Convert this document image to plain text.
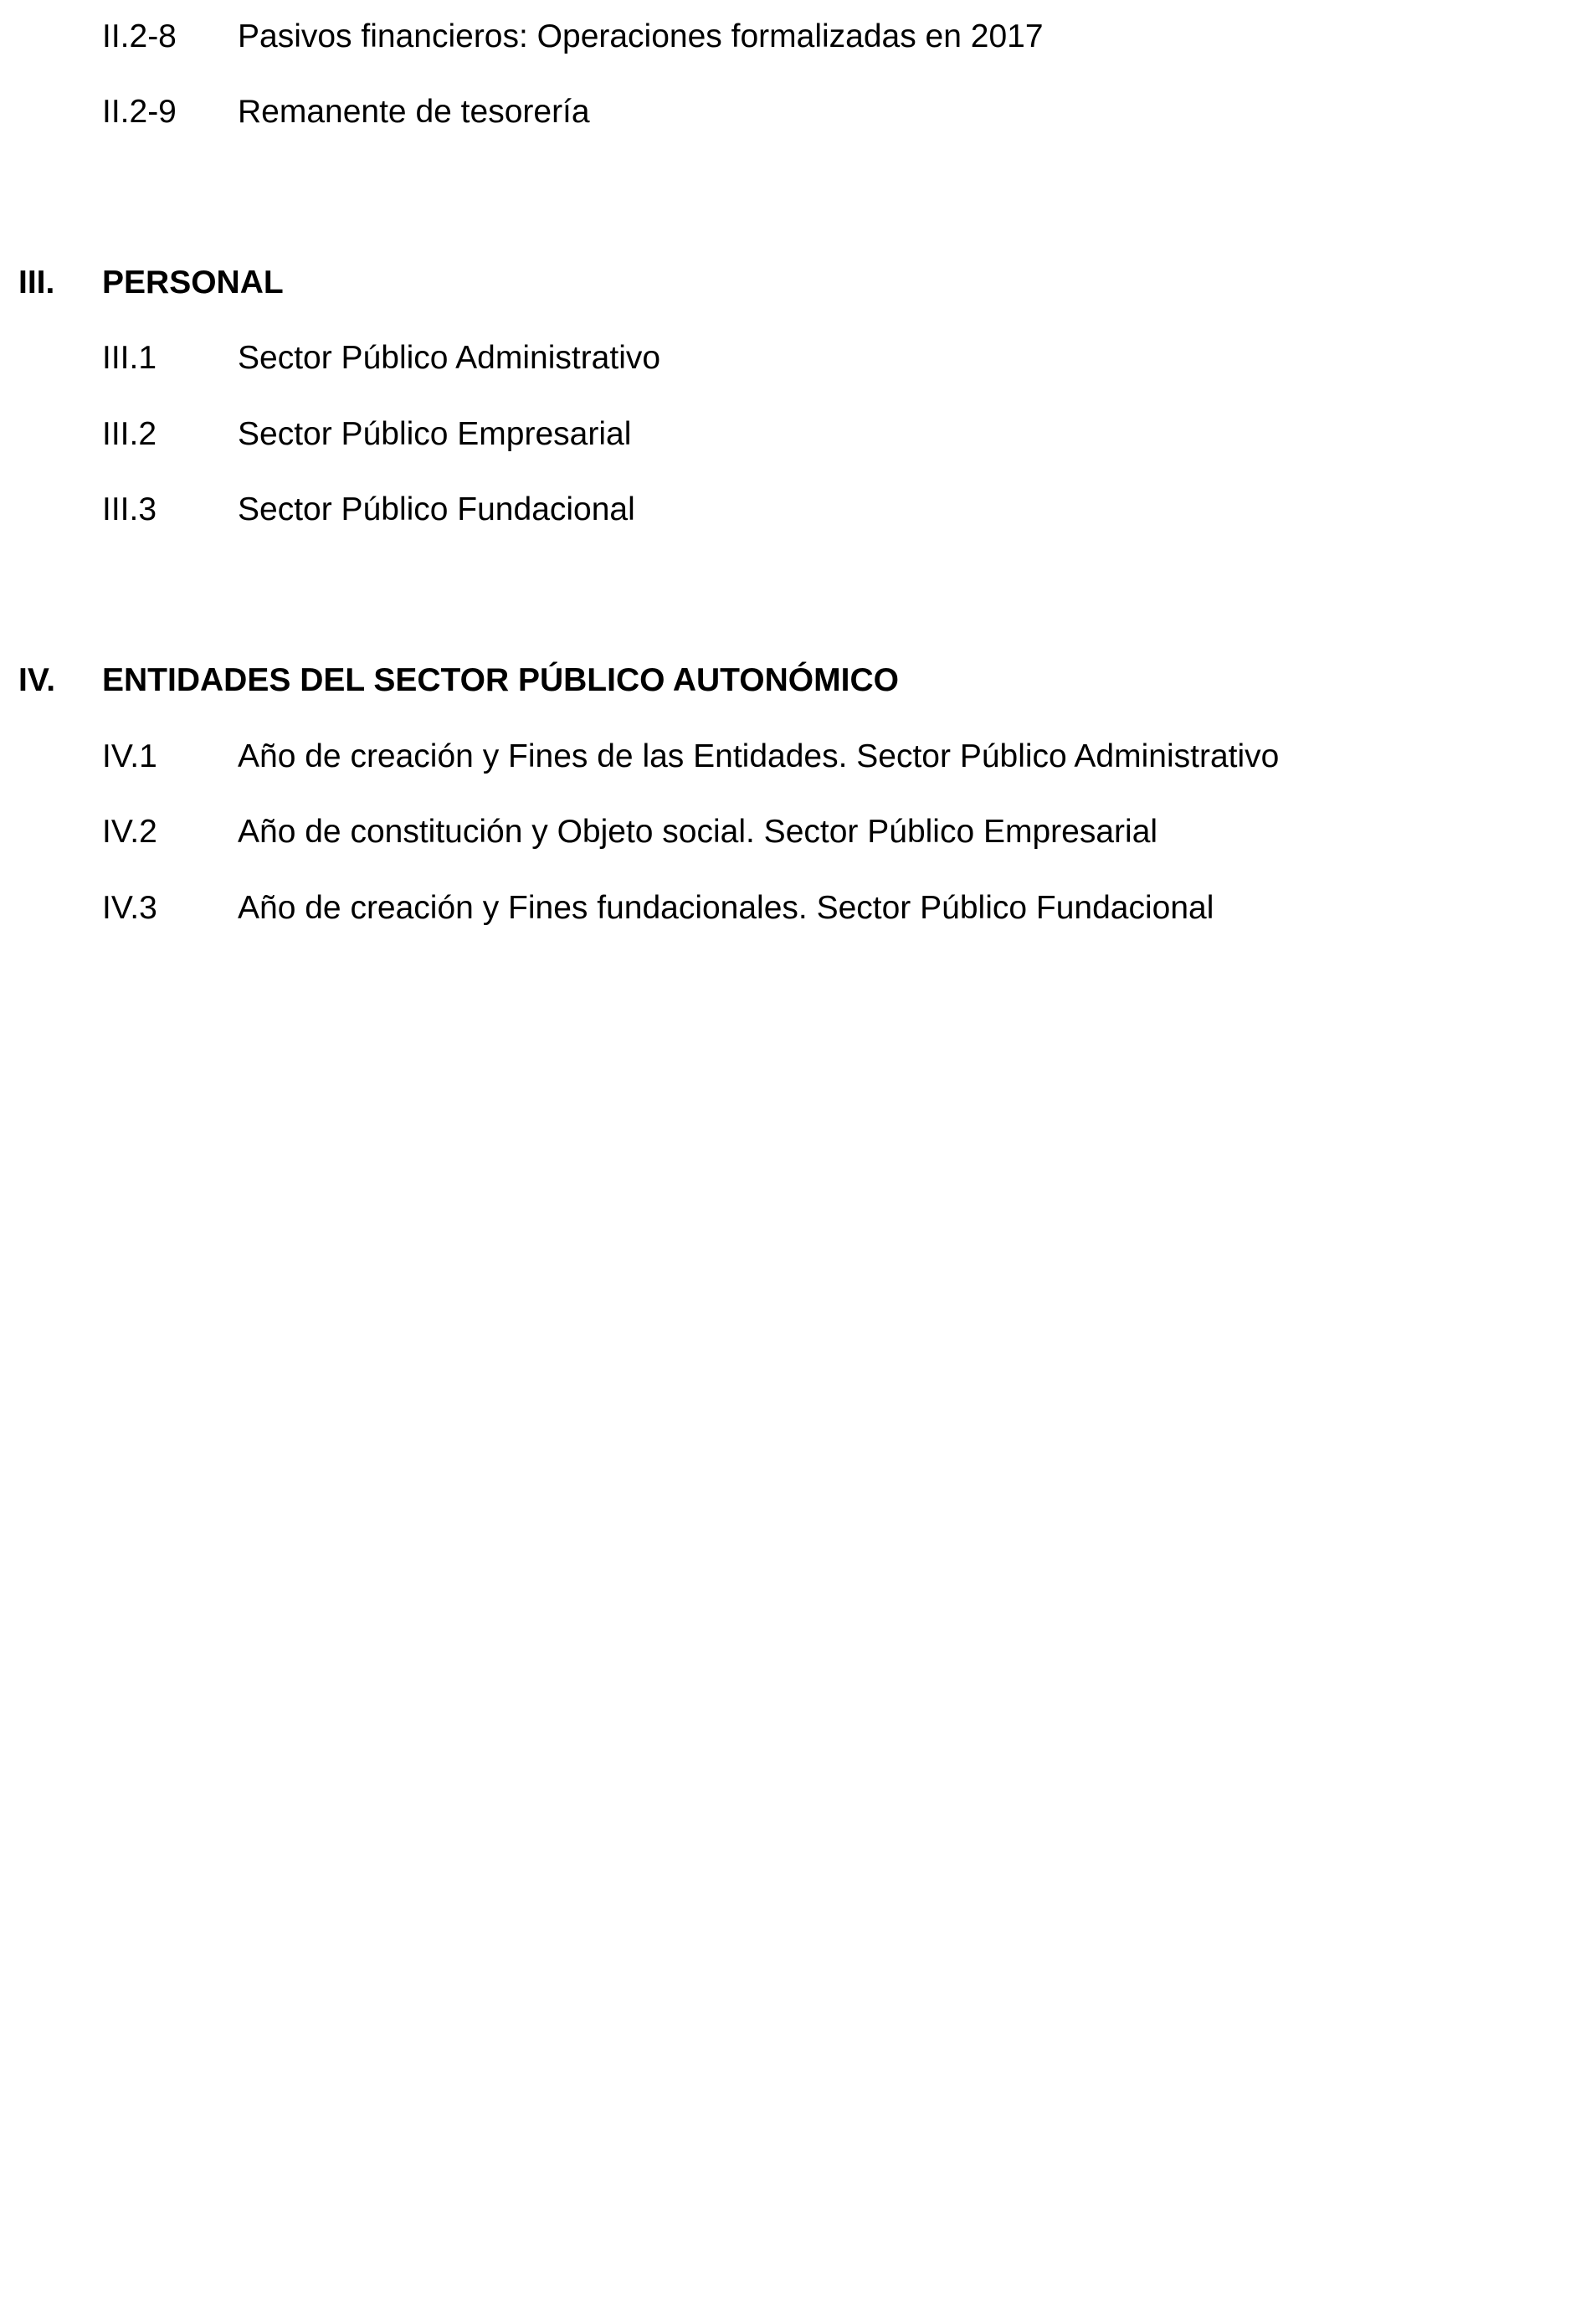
II.2-8 Pasivos financieros: Operaciones formalizadas en 2017
II.2-9 Remanente de tesorería
III. PERSONAL
III.1 Sector Público Administrativo
III.2 Sector Público Empresarial
III.3 Sector Público Fundacional
IV. ENTIDADES DEL SECTOR PÚBLICO AUTONÓMICO
IV.1 Año de creación y Fines de las Entidades. Sector Público Administrativo
IV.2 Año de constitución y Objeto social. Sector Público Empresarial
IV.3 Año de creación y Fines fundacionales. Sector Público Fundacional
